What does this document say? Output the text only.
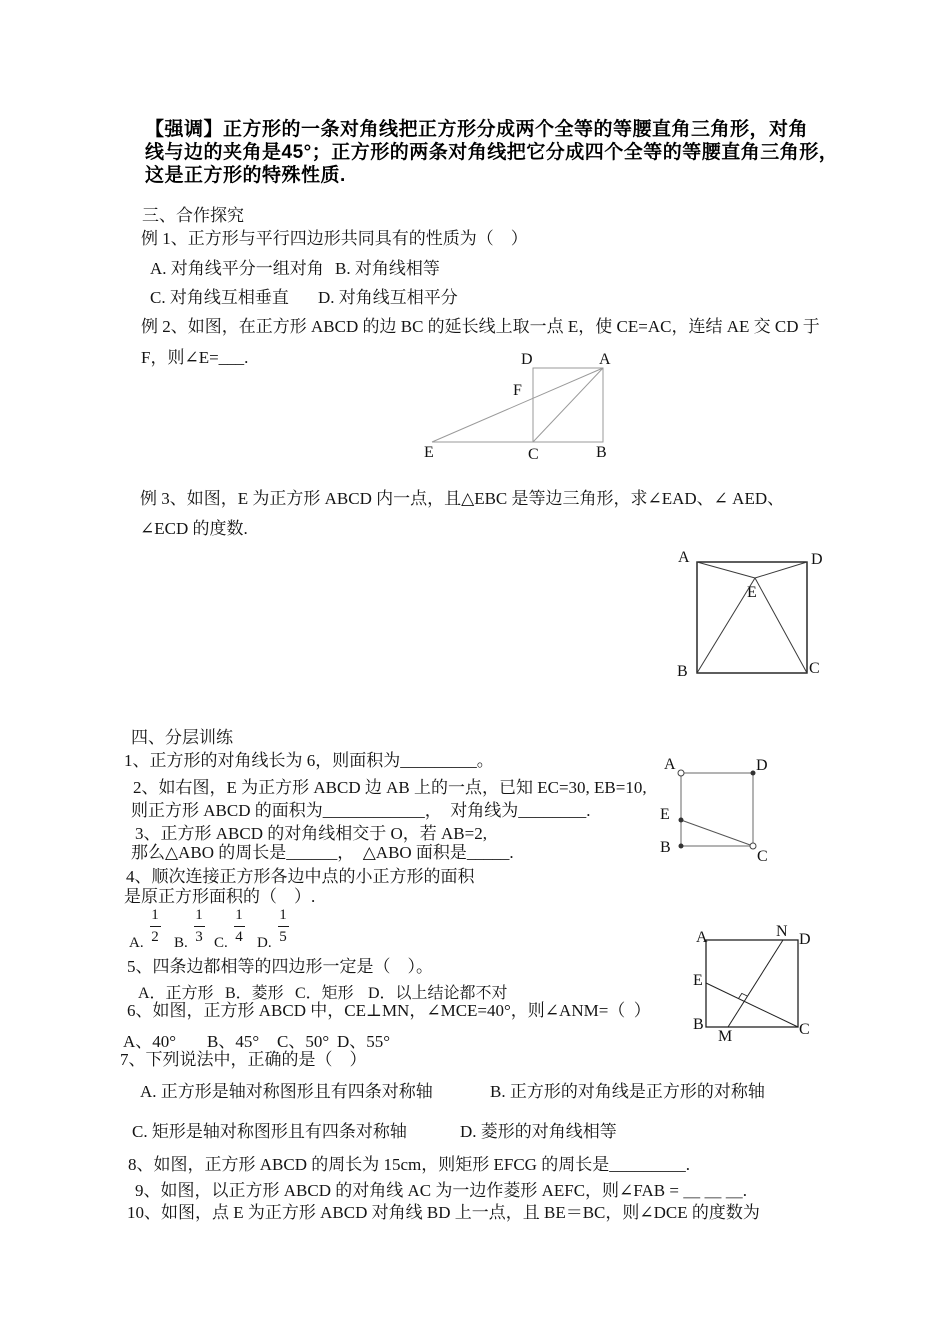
【强调】正方形的一条对角线把正方形分成两个全等的等腰直角三角形，对角
线与边的夹角是45°；正方形的两条对角线把它分成四个全等的等腰直角三角形，
这是正方形的特殊性质.
三、合作探究
例 1、正方形与平行四边形共同具有的性质为（    ）
A. 对角线平分一组对角 B. 对角线相等
C. 对角线互相垂直 D. 对角线互相平分
例 2、如图，在正方形 ABCD 的边 BC 的延长线上取一点 E，使 CE=AC，连结 AE 交 CD 于
F，则∠E=___.	D	A
F
E	C	B
例 3、如图，E 为正方形 ABCD 内一点，且△EBC 是等边三角形，求∠EAD、∠ AED、
∠ECD 的度数.
A	D
E
B	C
四、分层训练
1、正方形的对角线长为 6，则面积为_________。
2、如右图，E 为正方形 ABCD 边 AB 上的一点，已知 EC=30, EB=10,
则正方形 ABCD 的面积为____________，  对角线为________.
3、正方形 ABCD 的对角线相交于 O，若 AB=2,
那么△ABO 的周长是______，  △ABO 面积是_____.
4、顺次连接正方形各边中点的小正方形的面积
是原正方形面积的（　）.
A	D
E
B
C
A.
1
2 B.
1
3 C.
1
4 D.
1
5
5、四条边都相等的四边形一定是（　）。
A．正方形 B．菱形 C．矩形 D．以上结论都不对
6、如图，正方形 ABCD 中，CE⊥MN，∠MCE=40°，则∠ANM=（  ）
A、40° B、45° C、50° D、55°
A	N D
E
B
M	C
7、下列说法中，正确的是（    ）
A. 正方形是轴对称图形且有四条对称轴	B. 正方形的对角线是正方形的对称轴
C. 矩形是轴对称图形且有四条对称轴	D. 菱形的对角线相等
8、如图，正方形 ABCD 的周长为 15cm，则矩形 EFCG 的周长是_________.
9、如图，以正方形 ABCD 的对角线 AC 为一边作菱形 AEFC，则∠FAB = ＿ ＿ ＿.
10、如图，点 E 为正方形 ABCD 对角线 BD 上一点，且 BE＝BC，则∠DCE 的度数为
